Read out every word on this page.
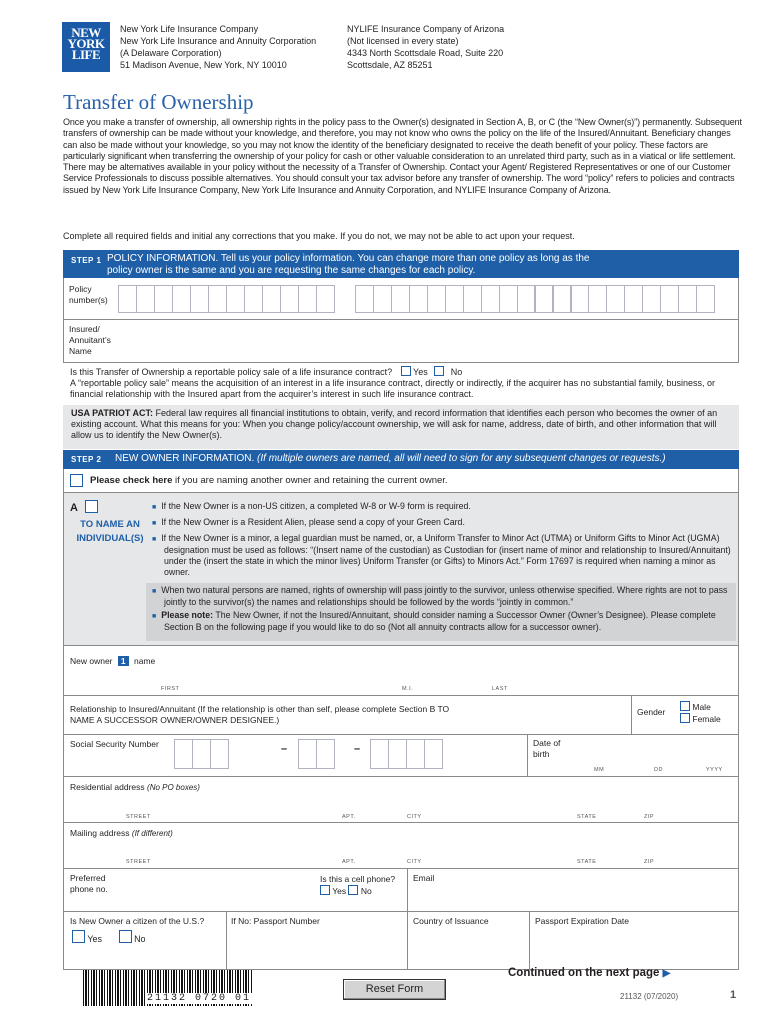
NEW
YORK
LIFE
New York Life Insurance Company
New York Life Insurance and Annuity Corporation
(A Delaware Corporation)
51 Madison Avenue, New York, NY 10010
NYLIFE Insurance Company of Arizona
(Not licensed in every state)
4343 North Scottsdale Road, Suite 220
Scottsdale, AZ 85251
Transfer of Ownership
Once you make a transfer of ownership, all ownership rights in the policy pass to the Owner(s) designated in Section A, B, or C (the “New Owner(s)”) permanently. Subsequent transfers of ownership can be made without your knowledge, and therefore, you may not know who owns the policy on the life of the Insured/Annuitant. Beneficiary changes can also be made without your knowledge, so you may not know the identity of the beneficiary designated to receive the death benefit of your policy. These factors are particularly significant when transferring the ownership of your policy for cash or other valuable consideration to an unrelated third party, such as in a viatical or life settlement. There may be alternatives available in your policy without the necessity of a Transfer of Ownership. Contact your Agent/ Registered Representatives or one of our Customer Service Professionals to discuss possible alternatives. You should consult your tax advisor before any transfer of ownership. The word “policy” refers to policies and contracts issued by New York Life Insurance Company, New York Life Insurance and Annuity Corporation, and NYLIFE Insurance Company of Arizona.
Complete all required fields and initial any corrections that you make. If you do not, we may not be able to act upon your request.
STEP 1 POLICY INFORMATION. Tell us your policy information. You can change more than one policy as long as the
policy owner is the same and you are requesting the same changes for each policy.
Policy number(s)
Insured/ Annuitant’s Name
Is this Transfer of Ownership a reportable policy sale of a life insurance contract? Yes	No
A “reportable policy sale” means the acquisition of an interest in a life insurance contract, directly or indirectly, if the acquirer has no substantial family, business, or financial relationship with the Insured apart from the acquirer’s interest in such life insurance contract.
USA PATRIOT ACT: Federal law requires all financial institutions to obtain, verify, and record information that identifies each person who becomes the owner of an existing account. What this means for you: When you change policy/account ownership, we will ask for name, address, date of birth, and other information that will allow us to identify the New Owner(s).
STEP 2 NEW OWNER INFORMATION. (If multiple owners are named, all will need to sign for any subsequent changes or requests.)
Please check here if you are naming another owner and retaining the current owner.
A
TO NAME AN INDIVIDUAL(S)
■ If the New Owner is a non-US citizen, a completed W-8 or W-9 form is required.
■ If the New Owner is a Resident Alien, please send a copy of your Green Card.
■ If the New Owner is a minor, a legal guardian must be named, or, a Uniform Transfer to Minor Act (UTMA) or Uniform Gifts to Minor Act (UGMA) designation must be used as follows: “(Insert name of the custodian) as Custodian for (insert name of minor and relationship to Insured/Annuitant) under the (insert the state in which the minor lives) Uniform Transfer (or Gifts) to Minors Act.” Form 17697 is required when naming a minor as owner.
■ When two natural persons are named, rights of ownership will pass jointly to the survivor, unless otherwise specified. Where rights are not to pass jointly to the survivor(s) the names and relationships should be followed by the words “jointly in common.”
■ Please note: The New Owner, if not the Insured/Annuitant, should consider naming a Successor Owner (Owner’s Designee). Please complete Section B on the following page if you would like to do so (Not all annuity contracts allow for a successor owner).
New owner 1 name
FIRST	M.I.	LAST
Relationship to Insured/Annuitant (If the relationship is other than self, please complete Section B TO NAME A SUCCESSOR OWNER/OWNER DESIGNEE.)
Gender	Male
Female
Social Security Number	–	–	Date of birth
MM	DD	YYYY
Residential address (No PO boxes)
STREET	APT.	CITY	STATE	ZIP
Mailing address (If different)
STREET	APT.	CITY	STATE	ZIP
Preferred phone no.
Is this a cell phone?
Yes No
Email
Is New Owner a citizen of the U.S.?
Yes	No
If No: Passport Number	Country of Issuance	Passport Expiration Date
21132 0720 01
Reset Form
Continued on the next page ▶
21132 (07/2020)	1
